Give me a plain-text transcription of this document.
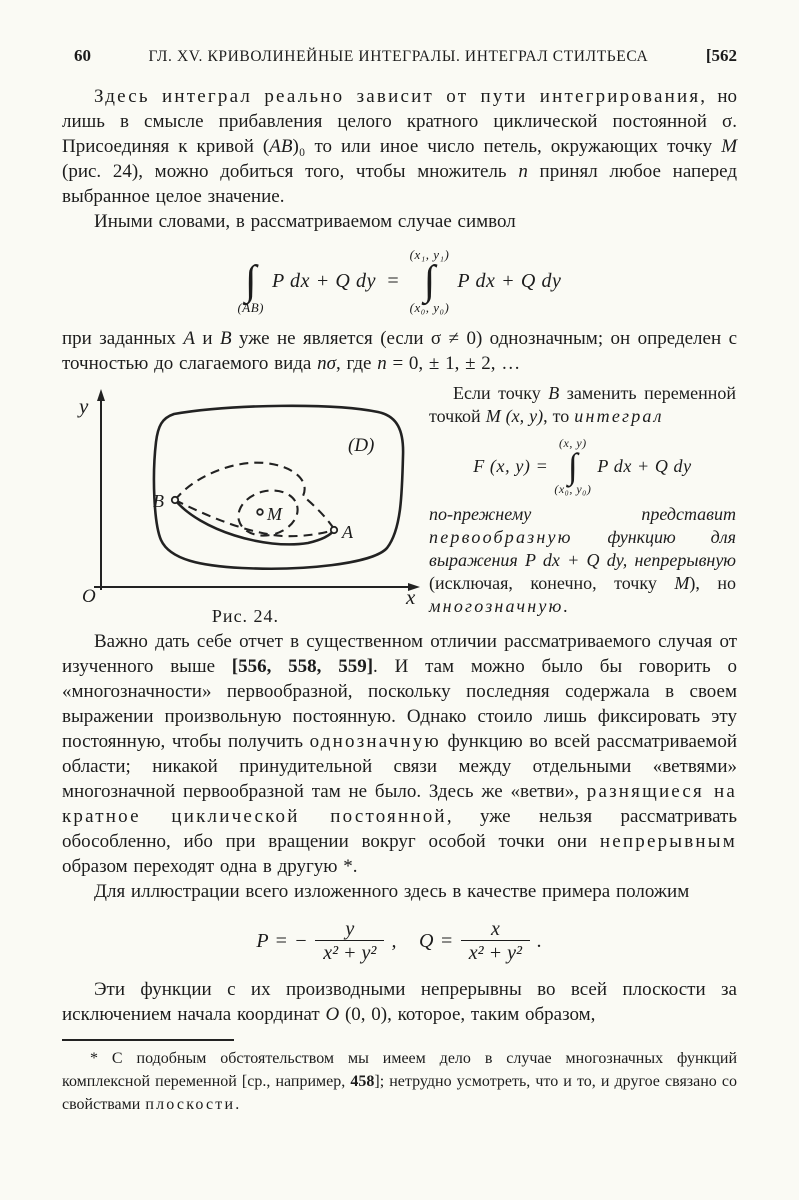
60	ГЛ. XV. КРИВОЛИНЕЙНЫЕ ИНТЕГРАЛЫ. ИНТЕГРАЛ СТИЛТЬЕСА	[562

Здесь интеграл реально зависит от пути интегрирования, но лишь в смысле прибавления целого кратного циклической постоянной σ. Присоединяя к кривой (AB)₀ то или иное число петель, окружающих точку M (рис. 24), можно добиться того, чтобы множитель n принял любое наперед выбранное целое значение.

Иными словами, в рассматриваемом случае символ

∫
(AB)
P dx + Q dy =
(x₁, y₁)
∫
(x₀, y₀)
P dx + Q dy

при заданных A и B уже не является (если σ ≠ 0) однозначным; он определен с точностью до слагаемого вида nσ, где n = 0, ± 1, ± 2, …

y
x
O
(D)
B
A
M
Рис. 24.

Если точку B заменить переменной точкой M (x, y), то интеграл

F (x, y) =
(x, y)
∫
(x₀, y₀)
P dx + Q dy

по-прежнему представит первообразную функцию для выражения P dx + Q dy, непрерывную (исключая, конечно, точку M), но многозначную.

Важно дать себе отчет в существенном отличии рассматриваемого случая от изученного выше [556, 558, 559]. И там можно было бы говорить о «многозначности» первообразной, поскольку последняя содержала в своем выражении произвольную постоянную. Однако стоило лишь фиксировать эту постоянную, чтобы получить однозначную функцию во всей рассматриваемой области; никакой принудительной связи между отдельными «ветвями» многозначной первообразной там не было. Здесь же «ветви», разнящиеся на кратное циклической постоянной, уже нельзя рассматривать обособленно, ибо при вращении вокруг особой точки они непрерывным образом переходят одна в другую *.

Для иллюстрации всего изложенного здесь в качестве примера положим

P = − $\frac{y}{\text{x² + y²}}$ , $Q = \frac{x}{\text{x² + y²}}$ .

Эти функции с их производными непрерывны во всей плоскости за исключением начала координат O (0, 0), которое, таким образом,

* С подобным обстоятельством мы имеем дело в случае многозначных функций комплексной переменной [ср., например, 458]; нетрудно усмотреть, что и то, и другое связано со свойствами плоскости.
